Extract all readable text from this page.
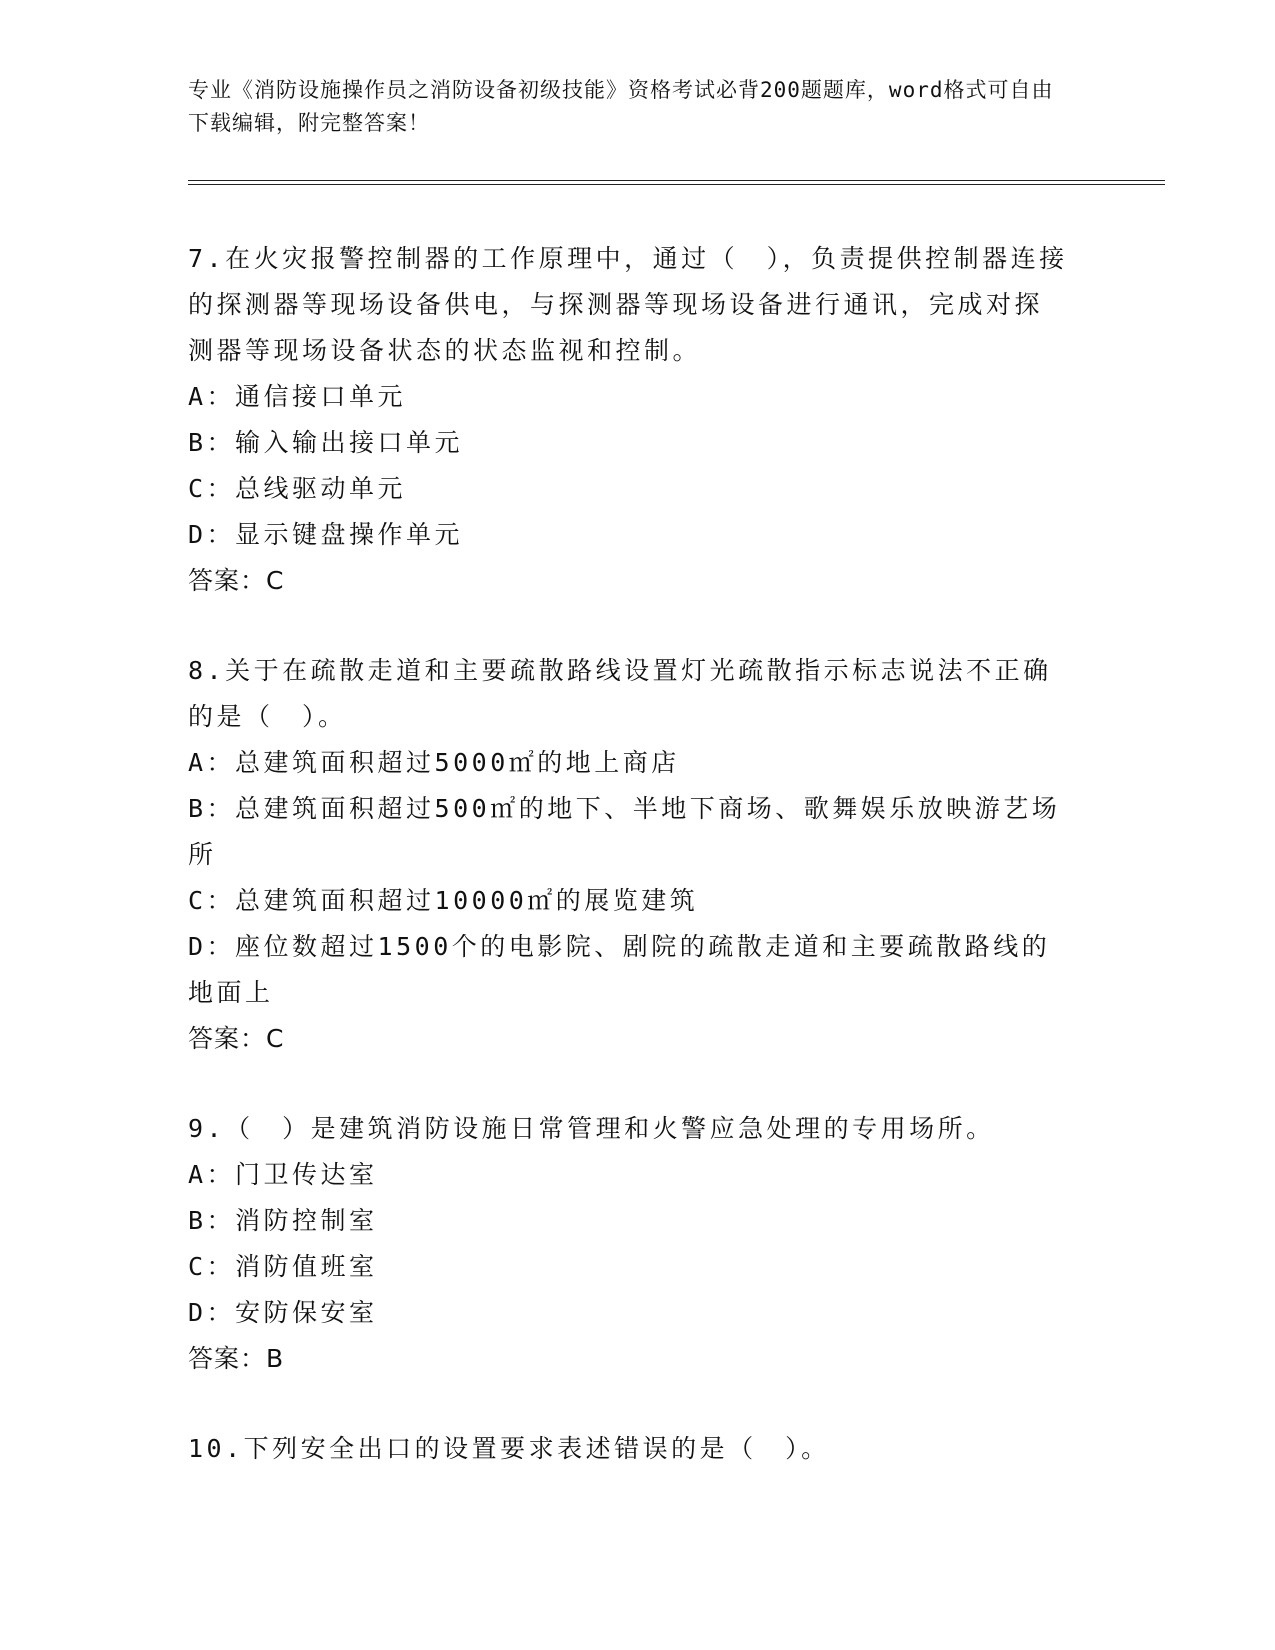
专业《消防设施操作员之消防设备初级技能》资格考试必背200题题库，word格式可自由下载编辑，附完整答案！
7.在火灾报警控制器的工作原理中，通过（　），负责提供控制器连接的探测器等现场设备供电，与探测器等现场设备进行通讯，完成对探测器等现场设备状态的状态监视和控制。
A：通信接口单元
B：输入输出接口单元
C：总线驱动单元
D：显示键盘操作单元
答案：C
8.关于在疏散走道和主要疏散路线设置灯光疏散指示标志说法不正确的是（　）。
A：总建筑面积超过5000㎡的地上商店
B：总建筑面积超过500㎡的地下、半地下商场、歌舞娱乐放映游艺场所
C：总建筑面积超过10000㎡的展览建筑
D：座位数超过1500个的电影院、剧院的疏散走道和主要疏散路线的地面上
答案：C
9.（　）是建筑消防设施日常管理和火警应急处理的专用场所。
A：门卫传达室
B：消防控制室
C：消防值班室
D：安防保安室
答案：B
10.下列安全出口的设置要求表述错误的是（　）。
